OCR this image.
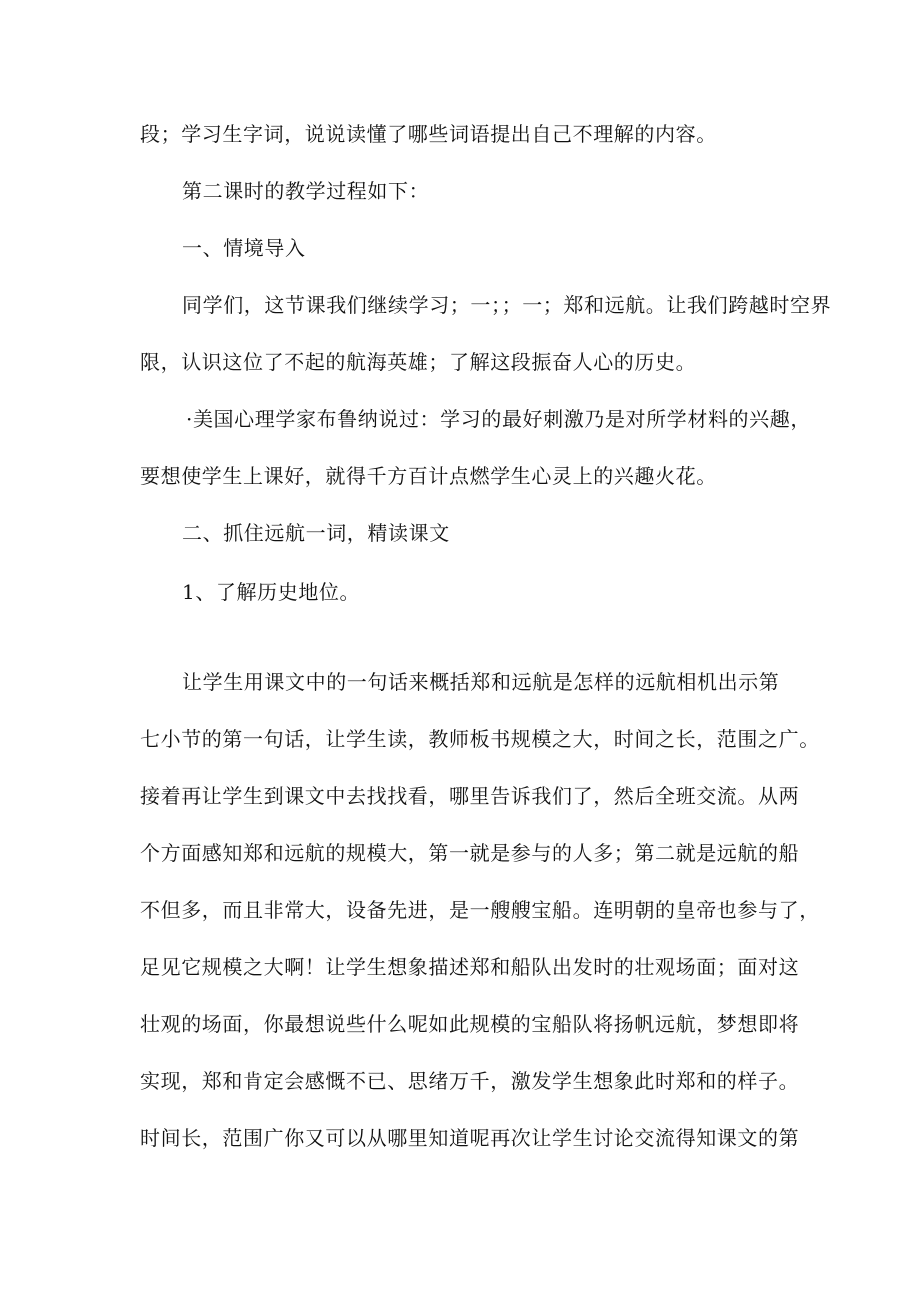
段；学习生字词，说说读懂了哪些词语提出自己不理解的内容。
第二课时的教学过程如下：
一、情境导入
同学们，这节课我们继续学习；一；；一；郑和远航。让我们跨越时空界
限，认识这位了不起的航海英雄；了解这段振奋人心的历史。
·美国心理学家布鲁纳说过：学习的最好刺激乃是对所学材料的兴趣，
要想使学生上课好，就得千方百计点燃学生心灵上的兴趣火花。
二、抓住远航一词，精读课文
1、了解历史地位。
让学生用课文中的一句话来概括郑和远航是怎样的远航相机出示第
七小节的第一句话，让学生读，教师板书规模之大，时间之长，范围之广。
接着再让学生到课文中去找找看，哪里告诉我们了，然后全班交流。从两
个方面感知郑和远航的规模大，第一就是参与的人多；第二就是远航的船
不但多，而且非常大，设备先进，是一艘艘宝船。连明朝的皇帝也参与了，
足见它规模之大啊！让学生想象描述郑和船队出发时的壮观场面；面对这
壮观的场面，你最想说些什么呢如此规模的宝船队将扬帆远航，梦想即将
实现，郑和肯定会感慨不已、思绪万千，激发学生想象此时郑和的样子。
时间长，范围广你又可以从哪里知道呢再次让学生讨论交流得知课文的第
